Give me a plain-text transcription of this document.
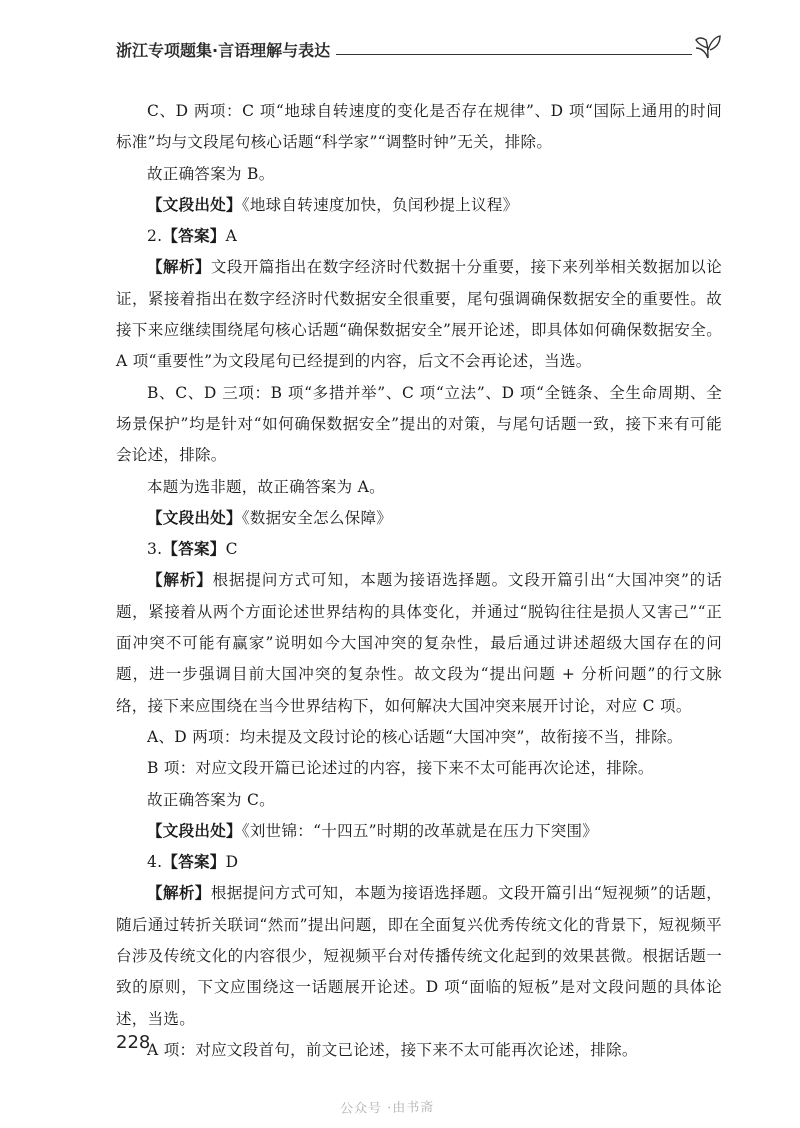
浙江专项题集·言语理解与表达

C、D 两项：C 项“地球自转速度的变化是否存在规律”、D 项“国际上通用的时间标准”均与文段尾句核心话题“科学家”“调整时钟”无关，排除。

故正确答案为 B。

【文段出处】《地球自转速度加快，负闰秒提上议程》

2.【答案】A

【解析】文段开篇指出在数字经济时代数据十分重要，接下来列举相关数据加以论证，紧接着指出在数字经济时代数据安全很重要，尾句强调确保数据安全的重要性。故接下来应继续围绕尾句核心话题“确保数据安全”展开论述，即具体如何确保数据安全。A 项“重要性”为文段尾句已经提到的内容，后文不会再论述，当选。

B、C、D 三项：B 项“多措并举”、C 项“立法”、D 项“全链条、全生命周期、全场景保护”均是针对“如何确保数据安全”提出的对策，与尾句话题一致，接下来有可能会论述，排除。

本题为选非题，故正确答案为 A。

【文段出处】《数据安全怎么保障》

3.【答案】C

【解析】根据提问方式可知，本题为接语选择题。文段开篇引出“大国冲突”的话题，紧接着从两个方面论述世界结构的具体变化，并通过“脱钩往往是损人又害己”“正面冲突不可能有赢家”说明如今大国冲突的复杂性，最后通过讲述超级大国存在的问题，进一步强调目前大国冲突的复杂性。故文段为“提出问题 + 分析问题”的行文脉络，接下来应围绕在当今世界结构下，如何解决大国冲突来展开讨论，对应 C 项。

A、D 两项：均未提及文段讨论的核心话题“大国冲突”，故衔接不当，排除。

B 项：对应文段开篇已论述过的内容，接下来不太可能再次论述，排除。

故正确答案为 C。

【文段出处】《刘世锦：“十四五”时期的改革就是在压力下突围》

4.【答案】D

【解析】根据提问方式可知，本题为接语选择题。文段开篇引出“短视频”的话题，随后通过转折关联词“然而”提出问题，即在全面复兴优秀传统文化的背景下，短视频平台涉及传统文化的内容很少，短视频平台对传播传统文化起到的效果甚微。根据话题一致的原则，下文应围绕这一话题展开论述。D 项“面临的短板”是对文段问题的具体论述，当选。

A 项：对应文段首句，前文已论述，接下来不太可能再次论述，排除。

228
公众号 ·由书斋
